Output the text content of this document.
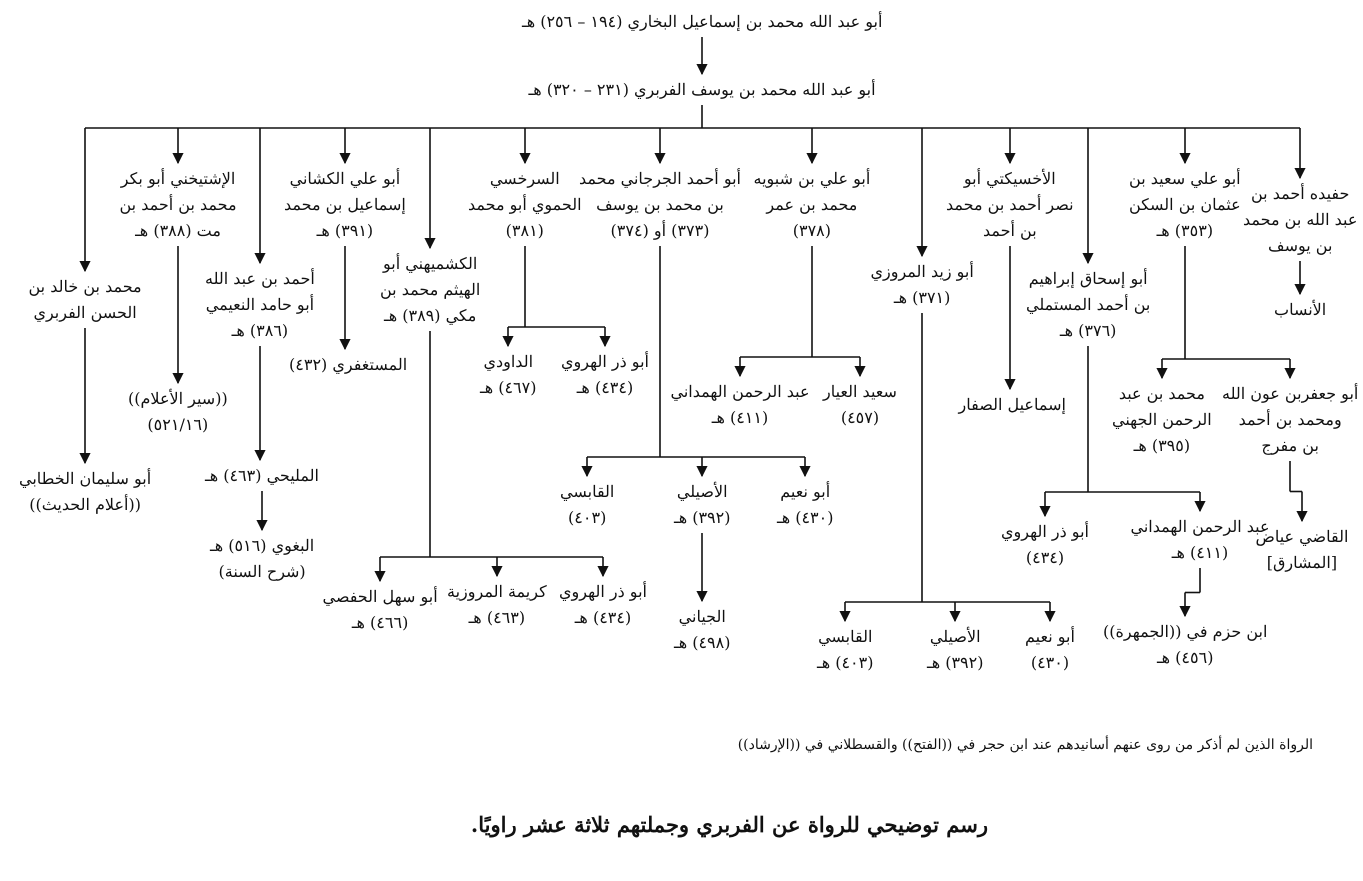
أبو عبد الله محمد بن إسماعيل البخاري (١٩٤ – ٢٥٦) هـ
أبو عبد الله محمد بن يوسف الفربري (٢٣١ – ٣٢٠) هـ
حفيده أحمد بن
عبد الله بن محمد
بن يوسف
الأنساب
أبو علي سعيد بن
عثمان بن السكن
(٣٥٣) هـ
أبو جعفربن عون الله
ومحمد بن أحمد
بن مفرج
القاضي عياض
[المشارق]
محمد بن عبد
الرحمن الجهني
(٣٩٥) هـ
أبو إسحاق إبراهيم
بن أحمد المستملي
(٣٧٦) هـ
عبد الرحمن الهمداني
(٤١١) هـ
ابن حزم في ((الجمهرة))
(٤٥٦) هـ
أبو ذر الهروي
(٤٣٤)
الأخسيكتي أبو
نصر أحمد بن محمد
بن أحمد
إسماعيل الصفار
أبو زيد المروزي
(٣٧١) هـ
أبو نعيم
(٤٣٠)
الأصيلي
(٣٩٢) هـ
القابسي
(٤٠٣) هـ
أبو علي بن شبويه
محمد بن عمر
(٣٧٨)
سعيد العيار
(٤٥٧)
عبد الرحمن الهمداني
(٤١١) هـ
أبو أحمد الجرجاني محمد
بن محمد بن يوسف
(٣٧٣) أو (٣٧٤)
أبو نعيم
(٤٣٠) هـ
الأصيلي
(٣٩٢) هـ
الجياني
(٤٩٨) هـ
القابسي
(٤٠٣)
السرخسي
الحموي أبو محمد
(٣٨١)
أبو ذر الهروي
(٤٣٤) هـ
الداودي
(٤٦٧) هـ
الكشميهني أبو
الهيثم محمد بن
مكي (٣٨٩) هـ
أبو ذر الهروي
(٤٣٤) هـ
كريمة المروزية
(٤٦٣) هـ
أبو سهل الحفصي
(٤٦٦) هـ
أبو علي الكشاني
إسماعيل بن محمد
(٣٩١) هـ
المستغفري (٤٣٢)
الإشتيخني أبو بكر
محمد بن أحمد بن
مت (٣٨٨) هـ
((سير الأعلام))
(٥٢١/١٦)
أحمد بن عبد الله
أبو حامد النعيمي
(٣٨٦) هـ
المليحي (٤٦٣) هـ
البغوي (٥١٦) هـ
(شرح السنة)
محمد بن خالد بن
الحسن الفربري
أبو سليمان الخطابي
((أعلام الحديث))
الرواة الذين لم أذكر من روى عنهم أسانيدهم عند ابن حجر في ((الفتح)) والقسطلاني في ((الإرشاد))
رسم توضيحي للرواة عن الفربري وجملتهم ثلاثة عشر راويًا.
